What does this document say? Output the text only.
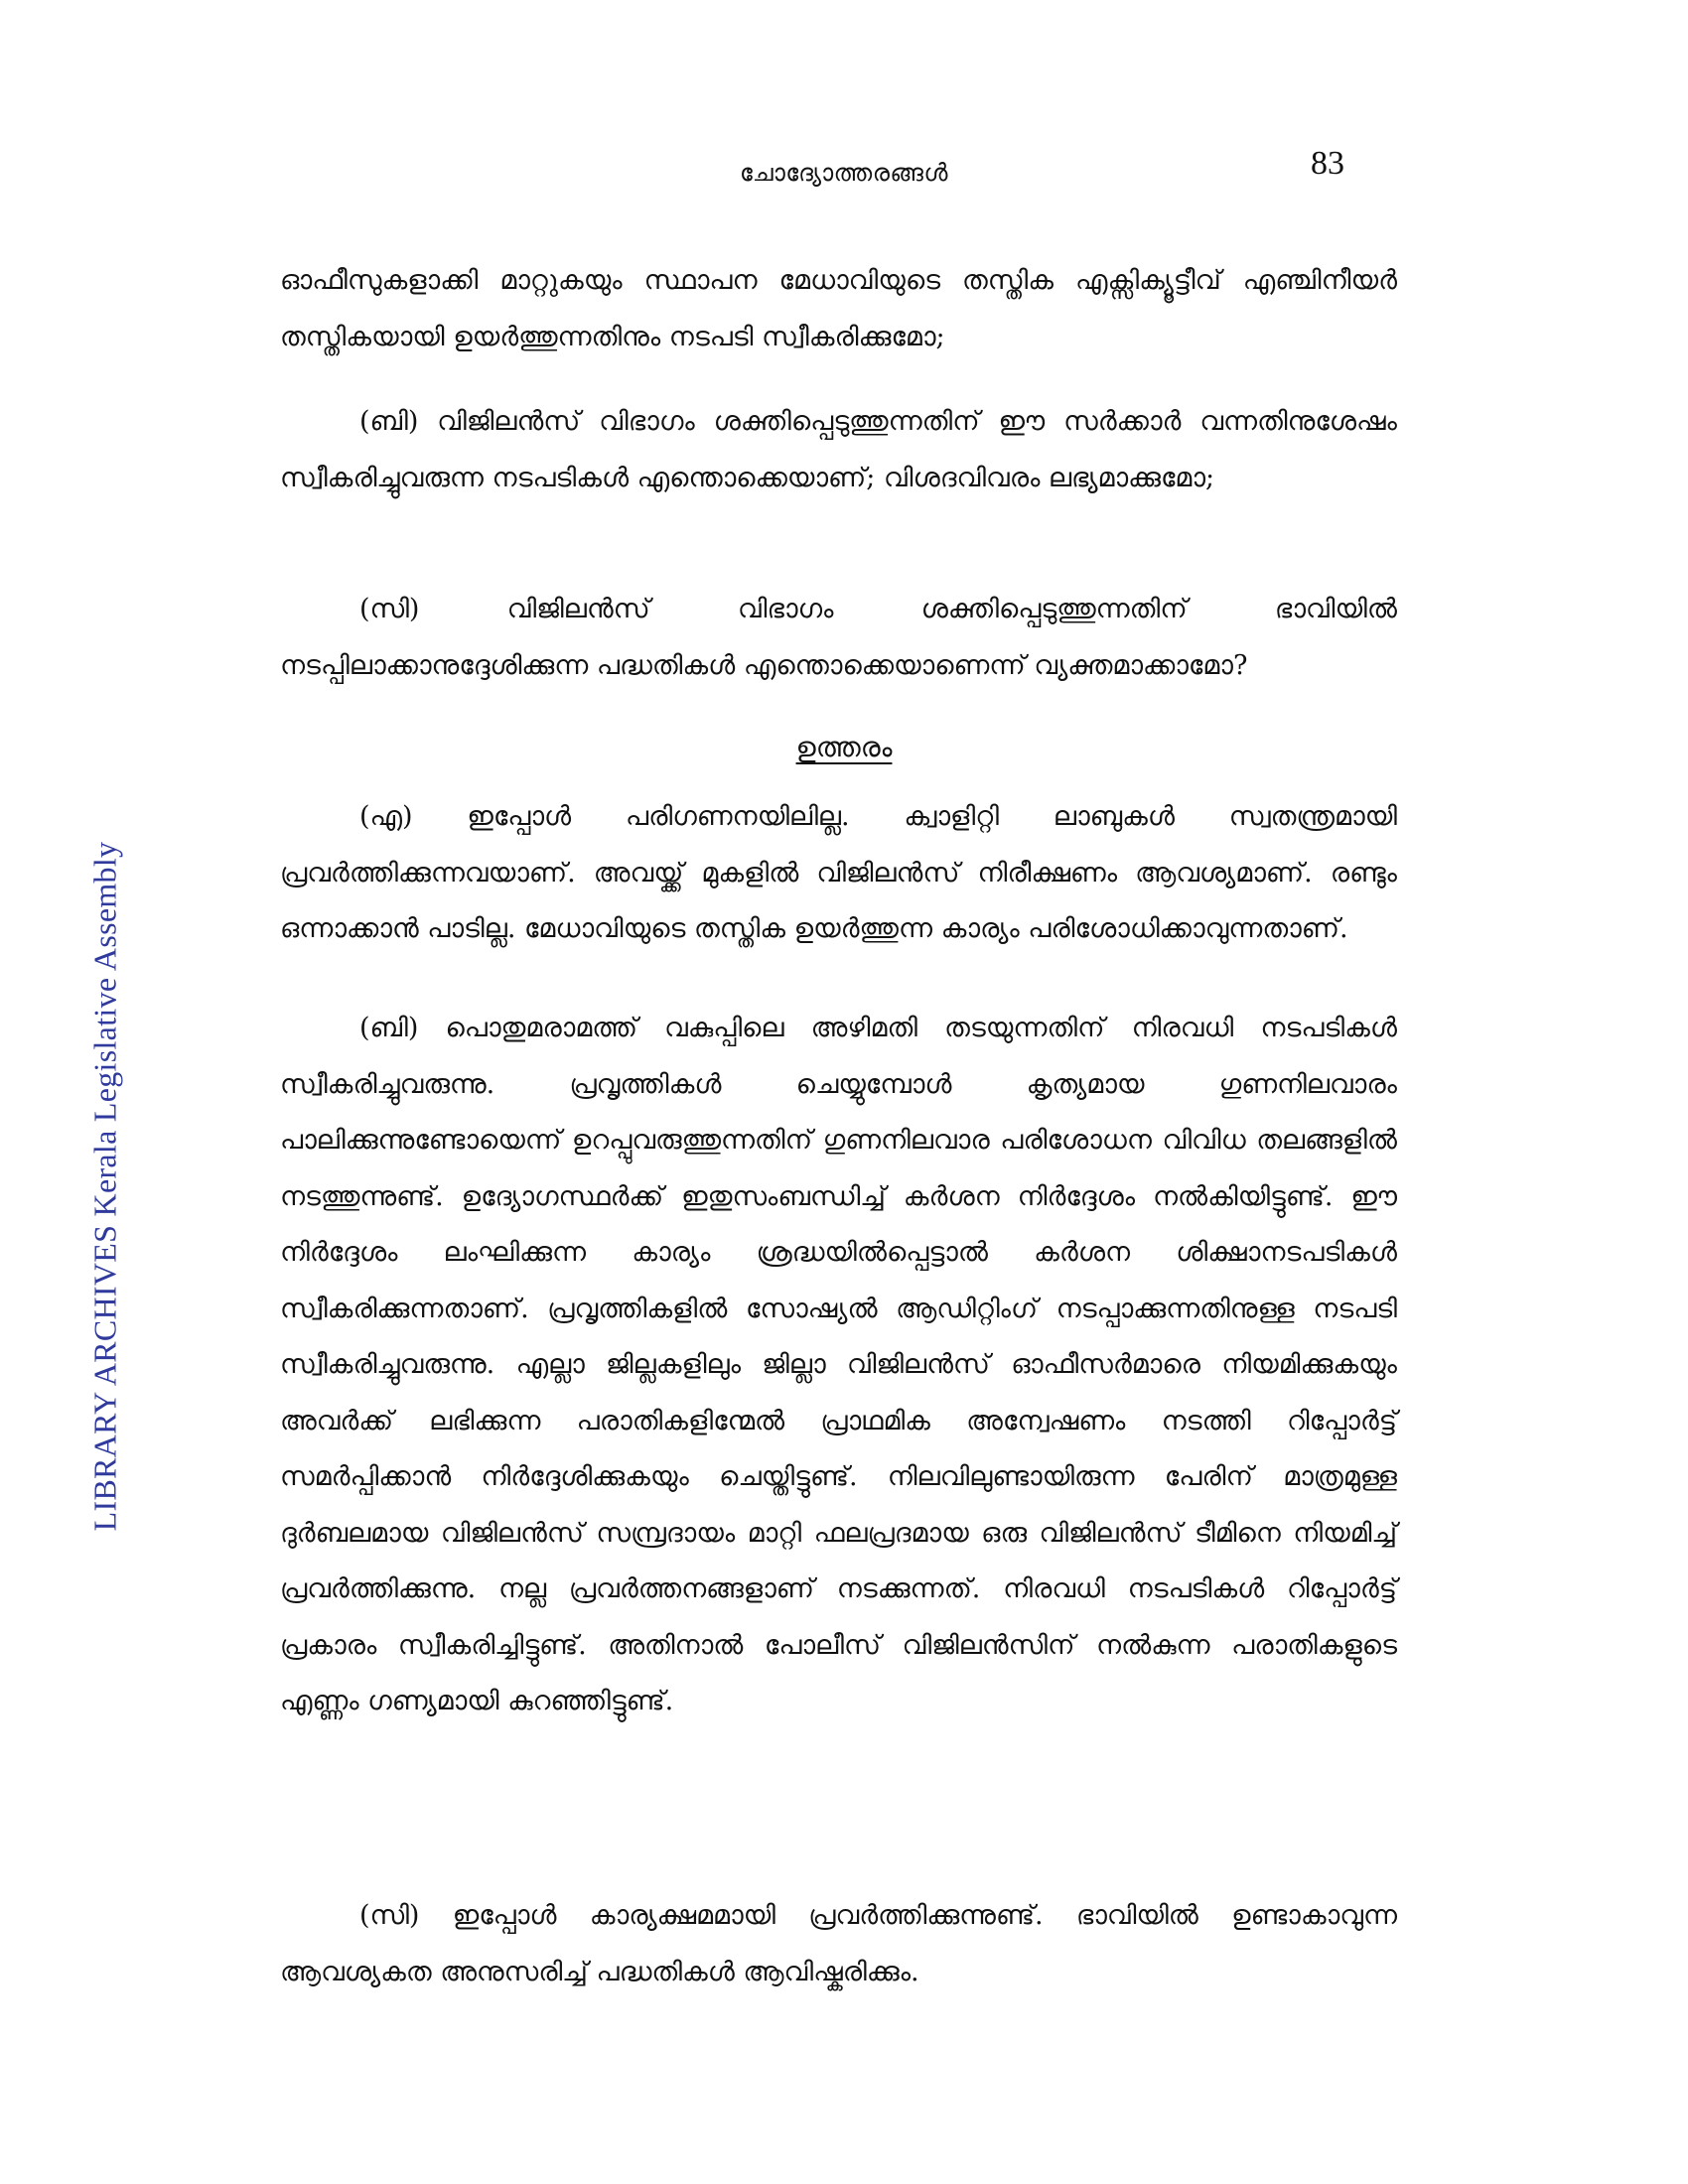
ചോദ്യോത്തരങ്ങൾ	83
LIBRARY ARCHIVES Kerala Legislative Assembly

ഓഫീസുകളാക്കി മാറ്റുകയും സ്ഥാപന മേധാവിയുടെ തസ്തിക എക്സിക്യൂട്ടീവ് എഞ്ചിനീയർ തസ്തികയായി ഉയർത്തുന്നതിനും നടപടി സ്വീകരിക്കുമോ;

(ബി) വിജിലൻസ് വിഭാഗം ശക്തിപ്പെടുത്തുന്നതിന് ഈ സർക്കാർ വന്നതിനുശേഷം സ്വീകരിച്ചുവരുന്ന നടപടികൾ എന്തൊക്കെയാണ്; വിശദവിവരം ലഭ്യമാക്കുമോ;

(സി) വിജിലൻസ് വിഭാഗം ശക്തിപ്പെടുത്തുന്നതിന് ഭാവിയിൽ നടപ്പിലാക്കാനുദ്ദേശിക്കുന്ന പദ്ധതികൾ എന്തൊക്കെയാണെന്ന് വ്യക്തമാക്കാമോ?

ഉത്തരം

(എ) ഇപ്പോൾ പരിഗണനയിലില്ല. ക്വാളിറ്റി ലാബുകൾ സ്വതന്ത്രമായി പ്രവർത്തിക്കുന്നവയാണ്. അവയ്ക്ക് മുകളിൽ വിജിലൻസ് നിരീക്ഷണം ആവശ്യമാണ്. രണ്ടും ഒന്നാക്കാൻ പാടില്ല. മേധാവിയുടെ തസ്തിക ഉയർത്തുന്ന കാര്യം പരിശോധിക്കാവുന്നതാണ്.

(ബി) പൊതുമരാമത്ത് വകുപ്പിലെ അഴിമതി തടയുന്നതിന് നിരവധി നടപടികൾ സ്വീകരിച്ചുവരുന്നു. പ്രവൃത്തികൾ ചെയ്യുമ്പോൾ കൃത്യമായ ഗുണനിലവാരം പാലിക്കുന്നുണ്ടോയെന്ന് ഉറപ്പുവരുത്തുന്നതിന് ഗുണനിലവാര പരിശോധന വിവിധ തലങ്ങളിൽ നടത്തുന്നുണ്ട്. ഉദ്യോഗസ്ഥർക്ക് ഇതുസംബന്ധിച്ച് കർശന നിർദ്ദേശം നൽകിയിട്ടുണ്ട്. ഈ നിർദ്ദേശം ലംഘിക്കുന്ന കാര്യം ശ്രദ്ധയിൽപ്പെട്ടാൽ കർശന ശിക്ഷാനടപടികൾ സ്വീകരിക്കുന്നതാണ്. പ്രവൃത്തികളിൽ സോഷ്യൽ ആഡിറ്റിംഗ് നടപ്പാക്കുന്നതിനുള്ള നടപടി സ്വീകരിച്ചുവരുന്നു. എല്ലാ ജില്ലകളിലും ജില്ലാ വിജിലൻസ് ഓഫീസർമാരെ നിയമിക്കുകയും അവർക്ക് ലഭിക്കുന്ന പരാതികളിന്മേൽ പ്രാഥമിക അന്വേഷണം നടത്തി റിപ്പോർട്ട് സമർപ്പിക്കാൻ നിർദ്ദേശിക്കുകയും ചെയ്തിട്ടുണ്ട്. നിലവിലുണ്ടായിരുന്ന പേരിന് മാത്രമുള്ള ദുർബലമായ വിജിലൻസ് സമ്പ്രദായം മാറ്റി ഫലപ്രദമായ ഒരു വിജിലൻസ് ടീമിനെ നിയമിച്ച് പ്രവർത്തിക്കുന്നു. നല്ല പ്രവർത്തനങ്ങളാണ് നടക്കുന്നത്. നിരവധി നടപടികൾ റിപ്പോർട്ട് പ്രകാരം സ്വീകരിച്ചിട്ടുണ്ട്. അതിനാൽ പോലീസ് വിജിലൻസിന് നൽകുന്ന പരാതികളുടെ എണ്ണം ഗണ്യമായി കുറഞ്ഞിട്ടുണ്ട്.

(സി) ഇപ്പോൾ കാര്യക്ഷമമായി പ്രവർത്തിക്കുന്നുണ്ട്. ഭാവിയിൽ ഉണ്ടാകാവുന്ന ആവശ്യകത അനുസരിച്ച് പദ്ധതികൾ ആവിഷ്കരിക്കും.
